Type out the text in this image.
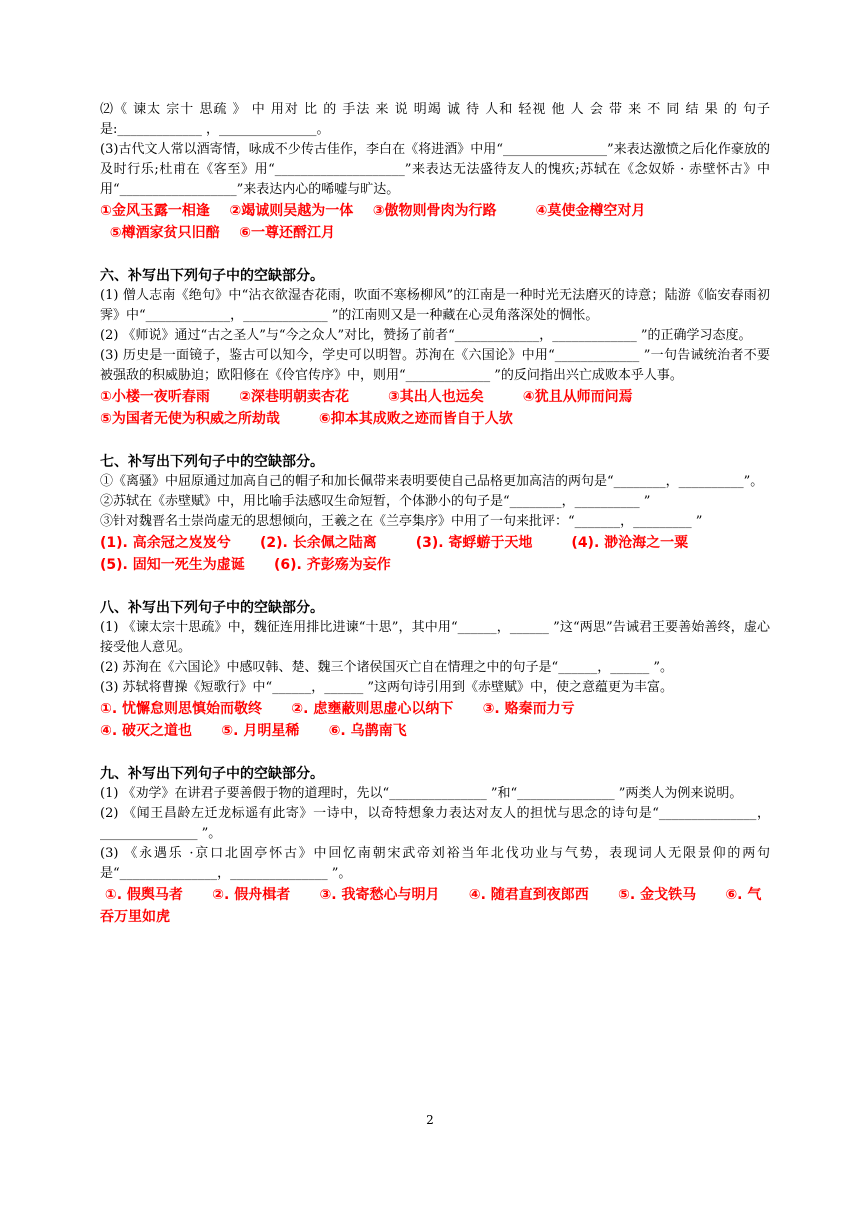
⑵《 谏太 宗十 思疏 》 中 用对 比 的 手法 来 说 明竭 诚 待 人和 轻视 他 人 会 带 来 不 同 结 果 的 句子是:_____________ ，_______________。

(3)古代文人常以酒寄情，咏成不少传古佳作，李白在《将进酒》中用“________________”来表达激愤之后化作豪放的及时行乐;杜甫在《客至》用“____________________”来表达无法盛待友人的愧疚;苏轼在《念奴娇 · 赤壁怀古》中用“__________________”来表达内心的唏嘘与旷达。

①金风玉露一相逢    ②竭诚则吴越为一体    ③傲物则骨肉为行路        ④莫使金樽空对月

⑤樽酒家贫只旧醅    ⑥一尊还酹江月

六、补写出下列句子中的空缺部分。

(1) 僧人志南《绝句》中“沾衣欲湿杏花雨，吹面不寒杨柳风”的江南是一种时光无法磨灭的诗意；陆游《临安春雨初霁》中“_____________，_____________ ”的江南则又是一种藏在心灵角落深处的惆怅。

(2) 《师说》通过“古之圣人”与“今之众人”对比，赞扬了前者“_____________，_____________ ”的正确学习态度。

(3) 历史是一面镜子，鉴古可以知今，学史可以明智。苏洵在《六国论》中用“_____________ ”一句告诫统治者不要被强敌的积威胁迫；欧阳修在《伶官传序》中，则用“_____________ ”的反问指出兴亡成败本乎人事。

①小楼一夜听春雨      ②深巷明朝卖杏花        ③其出人也远矣        ④犹且从师而问焉

⑤为国者无使为积威之所劫哉        ⑥抑本其成败之迹而皆自于人欤

七、补写出下列句子中的空缺部分。

①《离骚》中屈原通过加高自己的帽子和加长佩带来表明要使自己品格更加高洁的两句是“________，__________”。

②苏轼在《赤壁赋》中，用比喻手法感叹生命短暂，个体渺小的句子是“________，__________ ”

③针对魏晋名士崇尚虚无的思想倾向，王羲之在《兰亭集序》中用了一句来批评：“_______，_________ ”

(1). 高余冠之岌岌兮      (2). 长余佩之陆离        (3). 寄蜉蝣于天地        (4). 渺沧海之一粟

(5). 固知一死生为虚诞      (6). 齐彭殇为妄作

八、补写出下列句子中的空缺部分。

(1) 《谏太宗十思疏》中，魏征连用排比进谏“十思”，其中用“______，______ ”这“两思”告诫君王要善始善终，虚心接受他人意见。

(2) 苏洵在《六国论》中感叹韩、楚、魏三个诸侯国灭亡自在情理之中的句子是“______，______ ”。

(3) 苏轼将曹操《短歌行》中“______，______ ”这两句诗引用到《赤壁赋》中，使之意蕴更为丰富。

①. 忧懈怠则思慎始而敬终      ②. 虑壅蔽则思虚心以纳下      ③. 赂秦而力亏

④. 破灭之道也      ⑤. 月明星稀      ⑥. 乌鹊南飞

九、补写出下列句子中的空缺部分。

(1) 《劝学》在讲君子要善假于物的道理时，先以“_______________ ”和“_______________ ”两类人为例来说明。

(2) 《闻王昌龄左迁龙标遥有此寄》一诗中，以奇特想象力表达对友人的担忧与思念的诗句是“_______________，_______________ ”。

(3) 《永遇乐 ·京口北固亭怀古》中回忆南朝宋武帝刘裕当年北伐功业与气势，表现词人无限景仰的两句是“_______________，_______________ ”。

①. 假舆马者      ②. 假舟楫者      ③. 我寄愁心与明月      ④. 随君直到夜郎西      ⑤. 金戈铁马      ⑥. 气吞万里如虎

2
